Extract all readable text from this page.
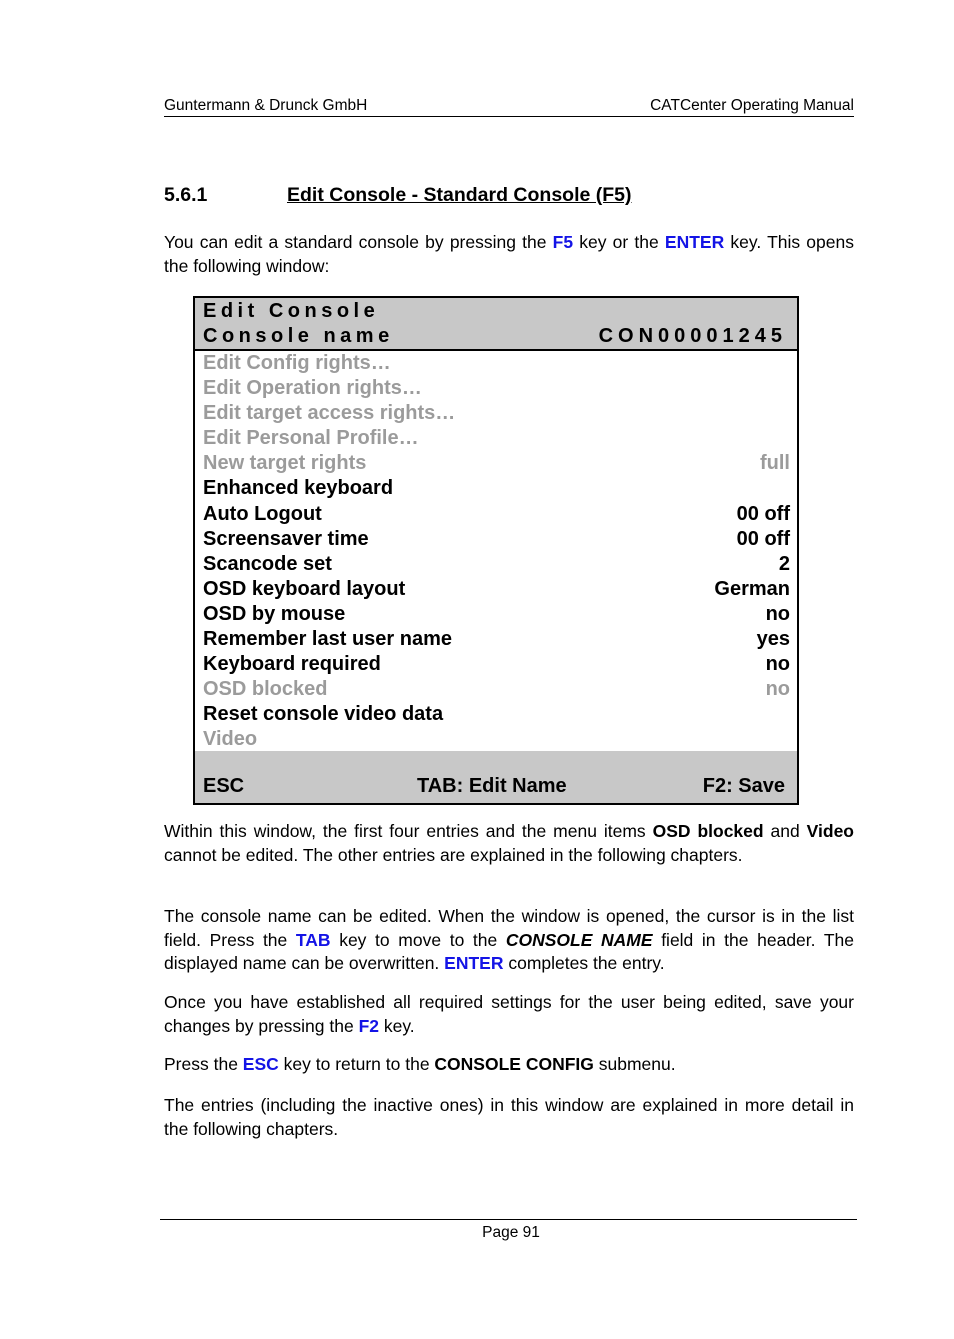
Guntermann & Drunck GmbH	CATCenter Operating Manual
5.6.1	Edit Console - Standard Console (F5)
You can edit a standard console by pressing the F5 key or the ENTER key. This opens the following window:
Edit Console
Console name	CON00001245
Edit Config rights…
Edit Operation rights…
Edit target access rights…
Edit Personal Profile…
New target rights	full
Enhanced keyboard
Auto Logout	00 off
Screensaver time	00 off
Scancode set	2
OSD keyboard layout	German
OSD by mouse	no
Remember last user name	yes
Keyboard required	no
OSD blocked	no
Reset console video data
Video
ESC	TAB: Edit Name	F2: Save
Within this window, the first four entries and the menu items OSD blocked and Video cannot be edited. The other entries are explained in the following chapters.
The console name can be edited. When the window is opened, the cursor is in the list field. Press the TAB key to move to the CONSOLE NAME field in the header. The displayed name can be overwritten. ENTER completes the entry.
Once you have established all required settings for the user being edited, save your changes by pressing the F2 key.
Press the ESC key to return to the CONSOLE CONFIG submenu.
The entries (including the inactive ones) in this window are explained in more detail in the following chapters.
Page 91
